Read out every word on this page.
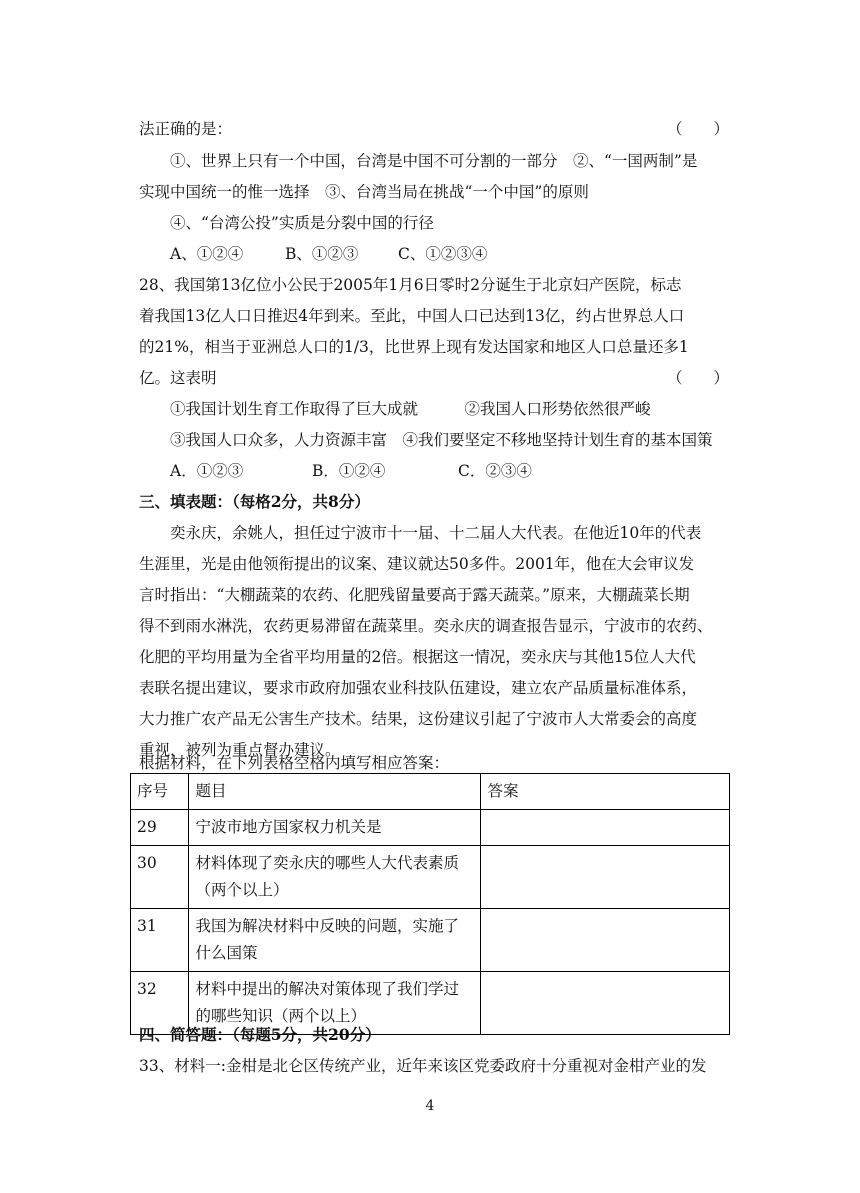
法正确的是：	（　　）
①、世界上只有一个中国，台湾是中国不可分割的一部分　②、“一国两制”是
实现中国统一的惟一选择　③、台湾当局在挑战“一个中国”的原则
④、“台湾公投”实质是分裂中国的行径
A、①②④	B、①②③	C、①②③④
28、我国第13亿位小公民于2005年1月6日零时2分诞生于北京妇产医院，标志
着我国13亿人口日推迟4年到来。至此，中国人口已达到13亿，约占世界总人口
的21%，相当于亚洲总人口的1/3，比世界上现有发达国家和地区人口总量还多1
亿。这表明	（　　）
①我国计划生育工作取得了巨大成就　　　②我国人口形势依然很严峻
③我国人口众多，人力资源丰富　④我们要坚定不移地坚持计划生育的基本国策
A．①②③	B．①②④	C．②③④
三、填表题：（每格2分，共8分）
奕永庆，余姚人，担任过宁波市十一届、十二届人大代表。在他近10年的代表
生涯里，光是由他领衔提出的议案、建议就达50多件。2001年，他在大会审议发
言时指出：“大棚蔬菜的农药、化肥残留量要高于露天蔬菜。”原来，大棚蔬菜长期
得不到雨水淋洗，农药更易滞留在蔬菜里。奕永庆的调查报告显示，宁波市的农药、
化肥的平均用量为全省平均用量的2倍。根据这一情况，奕永庆与其他15位人大代
表联名提出建议，要求市政府加强农业科技队伍建设，建立农产品质量标准体系，
大力推广农产品无公害生产技术。结果，这份建议引起了宁波市人大常委会的高度
重视，被列为重点督办建议。
根据材料，在下列表格空格内填写相应答案：
序号	题目	答案
29	宁波市地方国家权力机关是	
30	材料体现了奕永庆的哪些人大代表素质
（两个以上）	

31	我国为解决材料中反映的问题，实施了
什么国策	

32	材料中提出的解决对策体现了我们学过
的哪些知识（两个以上）	

四、简答题：（每题5分，共20分）
33、材料一:金柑是北仑区传统产业，近年来该区党委政府十分重视对金柑产业的发
4
